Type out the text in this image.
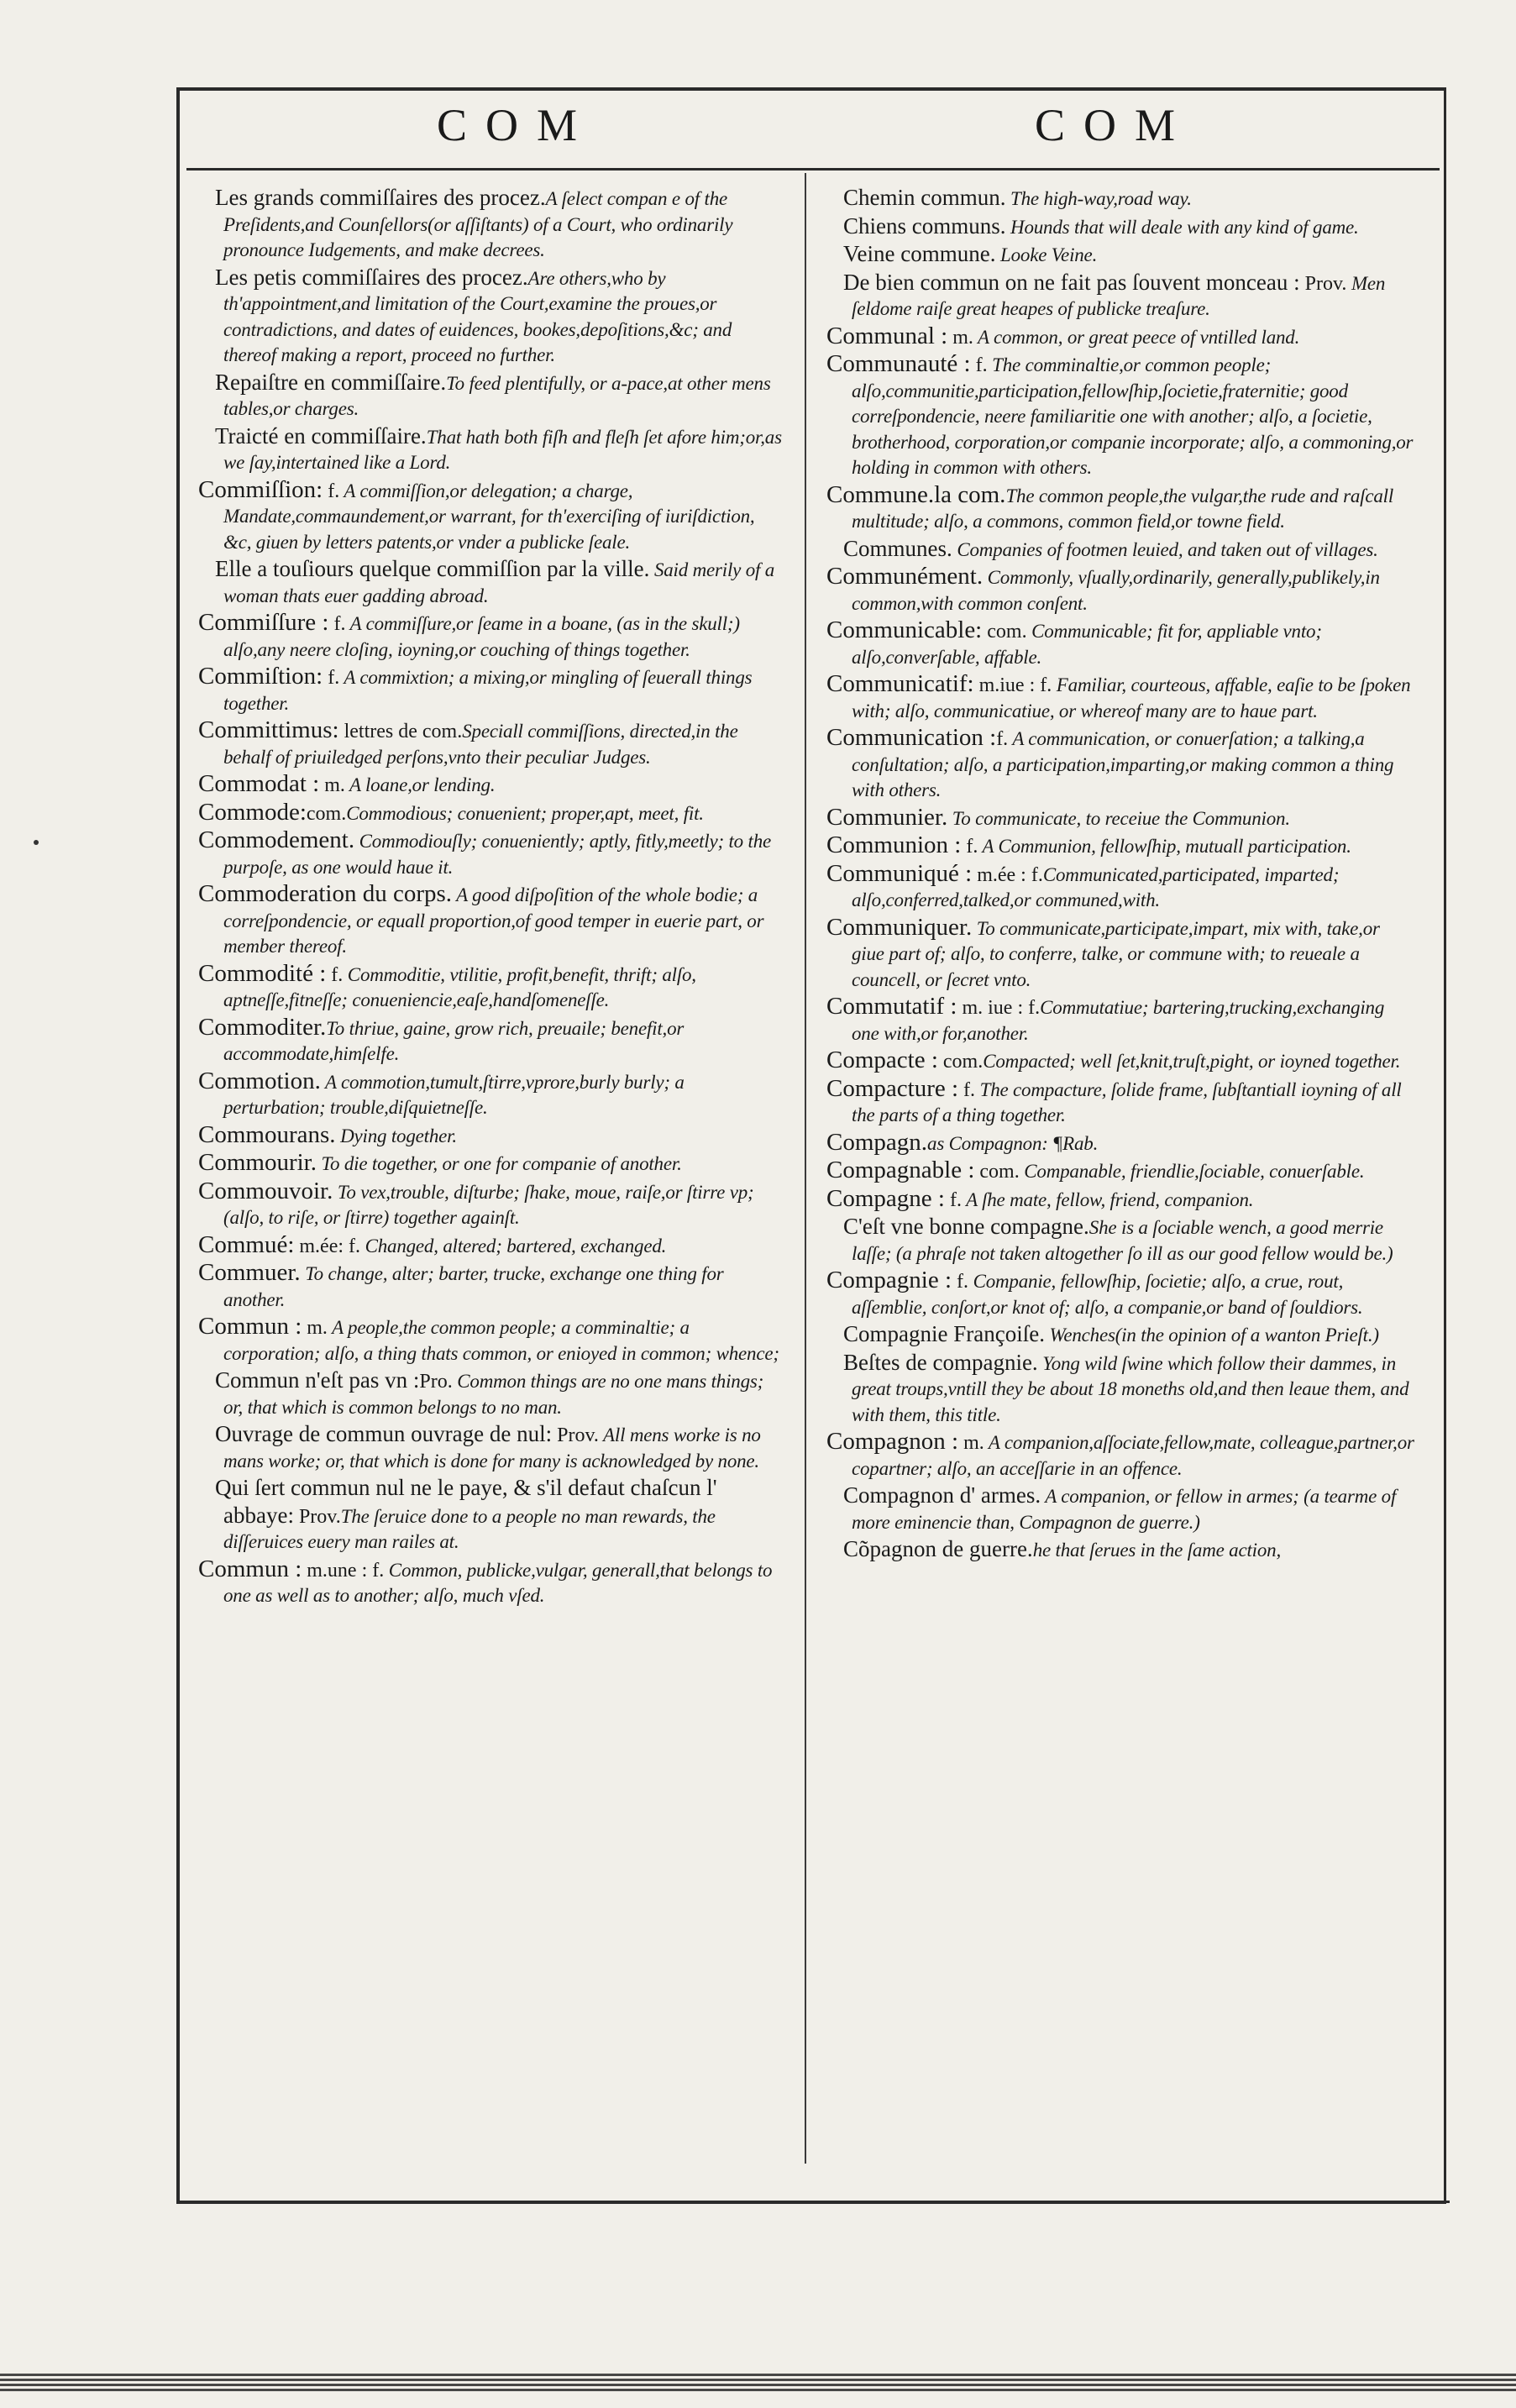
COM	COM

Les grands commiſſaires des procez.A ſelect compan e of the Preſidents,and Counſellors(or aſſiſtants) of a Court, who ordinarily pronounce Iudgements, and make decrees.

Les petis commiſſaires des procez.Are others,who by th'appointment,and limitation of the Court,examine the proues,or contradictions, and dates of euidences, bookes,depoſitions,&c; and thereof making a report, proceed no further.

Repaiſtre en commiſſaire.To feed plentifully, or a-pace,at other mens tables,or charges.

Traicté en commiſſaire.That hath both fiſh and fleſh ſet afore him;or,as we ſay,intertained like a Lord.

Commiſſion: f. A commiſſion,or delegation; a charge, Mandate,commaundement,or warrant, for th'exerciſing of iuriſdiction, &c, giuen by letters patents,or vnder a publicke ſeale.

Elle a touſiours quelque commiſſion par la ville. Said merily of a woman thats euer gadding abroad.

Commiſſure : f. A commiſſure,or ſeame in a boane, (as in the skull;) alſo,any neere cloſing, ioyning,or couching of things together.

Commiſtion: f. A commixtion; a mixing,or mingling of ſeuerall things together.

Committimus: lettres de com.Speciall commiſſions, directed,in the behalf of priuiledged perſons,vnto their peculiar Judges.

Commodat : m. A loane,or lending.

Commode:com.Commodious; conuenient; proper,apt, meet, fit.

Commodement. Commodiouſly; conueniently; aptly, fitly,meetly; to the purpoſe, as one would haue it.

Commoderation du corps. A good diſpoſition of the whole bodie; a correſpondencie, or equall proportion,of good temper in euerie part, or member thereof.

Commodité : f. Commoditie, vtilitie, profit,benefit, thrift; alſo, aptneſſe,fitneſſe; conueniencie,eaſe,handſomeneſſe.

Commoditer.To thriue, gaine, grow rich, preuaile; benefit,or accommodate,himſelfe.

Commotion. A commotion,tumult,ſtirre,vprore,burly burly; a perturbation; trouble,diſquietneſſe.

Commourans. Dying together.

Commourir. To die together, or one for companie of another.

Commouvoir. To vex,trouble, diſturbe; ſhake, moue, raiſe,or ſtirre vp; (alſo, to riſe, or ſtirre) together againſt.

Commué: m.ée: f. Changed, altered; bartered, exchanged.

Commuer. To change, alter; barter, trucke, exchange one thing for another.

Commun : m. A people,the common people; a comminaltie; a corporation; alſo, a thing thats common, or enioyed in common; whence;

Commun n'eſt pas vn :Pro. Common things are no one mans things; or, that which is common belongs to no man.

Ouvrage de commun ouvrage de nul: Prov. All mens worke is no mans worke; or, that which is done for many is acknowledged by none.

Qui ſert commun nul ne le paye, & s'il defaut chaſcun l' abbaye: Prov.The ſeruice done to a people no man rewards, the diſſeruices euery man railes at.

Commun : m.une : f. Common, publicke,vulgar, generall,that belongs to one as well as to another; alſo, much vſed.

Chemin commun. The high-way,road way.

Chiens communs. Hounds that will deale with any kind of game.

Veine commune. Looke Veine.

De bien commun on ne fait pas ſouvent monceau : Prov. Men ſeldome raiſe great heapes of publicke treaſure.

Communal : m. A common, or great peece of vntilled land.

Communauté : f. The comminaltie,or common people; alſo,communitie,participation,fellowſhip,ſocietie,fraternitie; good correſpondencie, neere familiaritie one with another; alſo, a ſocietie, brotherhood, corporation,or companie incorporate; alſo, a commoning,or holding in common with others.

Commune.la com.The common people,the vulgar,the rude and raſcall multitude; alſo, a commons, common field,or towne field.

Communes. Companies of footmen leuied, and taken out of villages.

Communément. Commonly, vſually,ordinarily, generally,publikely,in common,with common conſent.

Communicable: com. Communicable; fit for, appliable vnto; alſo,converſable, affable.

Communicatif: m.iue : f. Familiar, courteous, affable, eaſie to be ſpoken with; alſo, communicatiue, or whereof many are to haue part.

Communication :f. A communication, or conuerſation; a talking,a conſultation; alſo, a participation,imparting,or making common a thing with others.

Communier. To communicate, to receiue the Communion.

Communion : f. A Communion, fellowſhip, mutuall participation.

Communiqué : m.ée : f.Communicated,participated, imparted; alſo,conferred,talked,or communed,with.

Communiquer. To communicate,participate,impart, mix with, take,or giue part of; alſo, to conferre, talke, or commune with; to reueale a councell, or ſecret vnto.

Commutatif : m. iue : f.Commutatiue; bartering,trucking,exchanging one with,or for,another.

Compacte : com.Compacted; well ſet,knit,truſt,pight, or ioyned together.

Compacture : f. The compacture, ſolide frame, ſubſtantiall ioyning of all the parts of a thing together.

Compagn.as Compagnon: ¶Rab.

Compagnable : com. Companable, friendlie,ſociable, conuerſable.

Compagne : f. A ſhe mate, fellow, friend, companion.

C'eſt vne bonne compagne.She is a ſociable wench, a good merrie laſſe; (a phraſe not taken altogether ſo ill as our good fellow would be.)

Compagnie : f. Companie, fellowſhip, ſocietie; alſo, a crue, rout, aſſemblie, conſort,or knot of; alſo, a companie,or band of ſouldiors.

Compagnie Françoiſe. Wenches(in the opinion of a wanton Prieſt.)

Beſtes de compagnie. Yong wild ſwine which follow their dammes, in great troups,vntill they be about 18 moneths old,and then leaue them, and with them, this title.

Compagnon : m. A companion,aſſociate,fellow,mate, colleague,partner,or copartner; alſo, an acceſſarie in an offence.

Compagnon d' armes. A companion, or fellow in armes; (a tearme of more eminencie than, Compagnon de guerre.)

Cõpagnon de guerre.he that ſerues in the ſame action,
